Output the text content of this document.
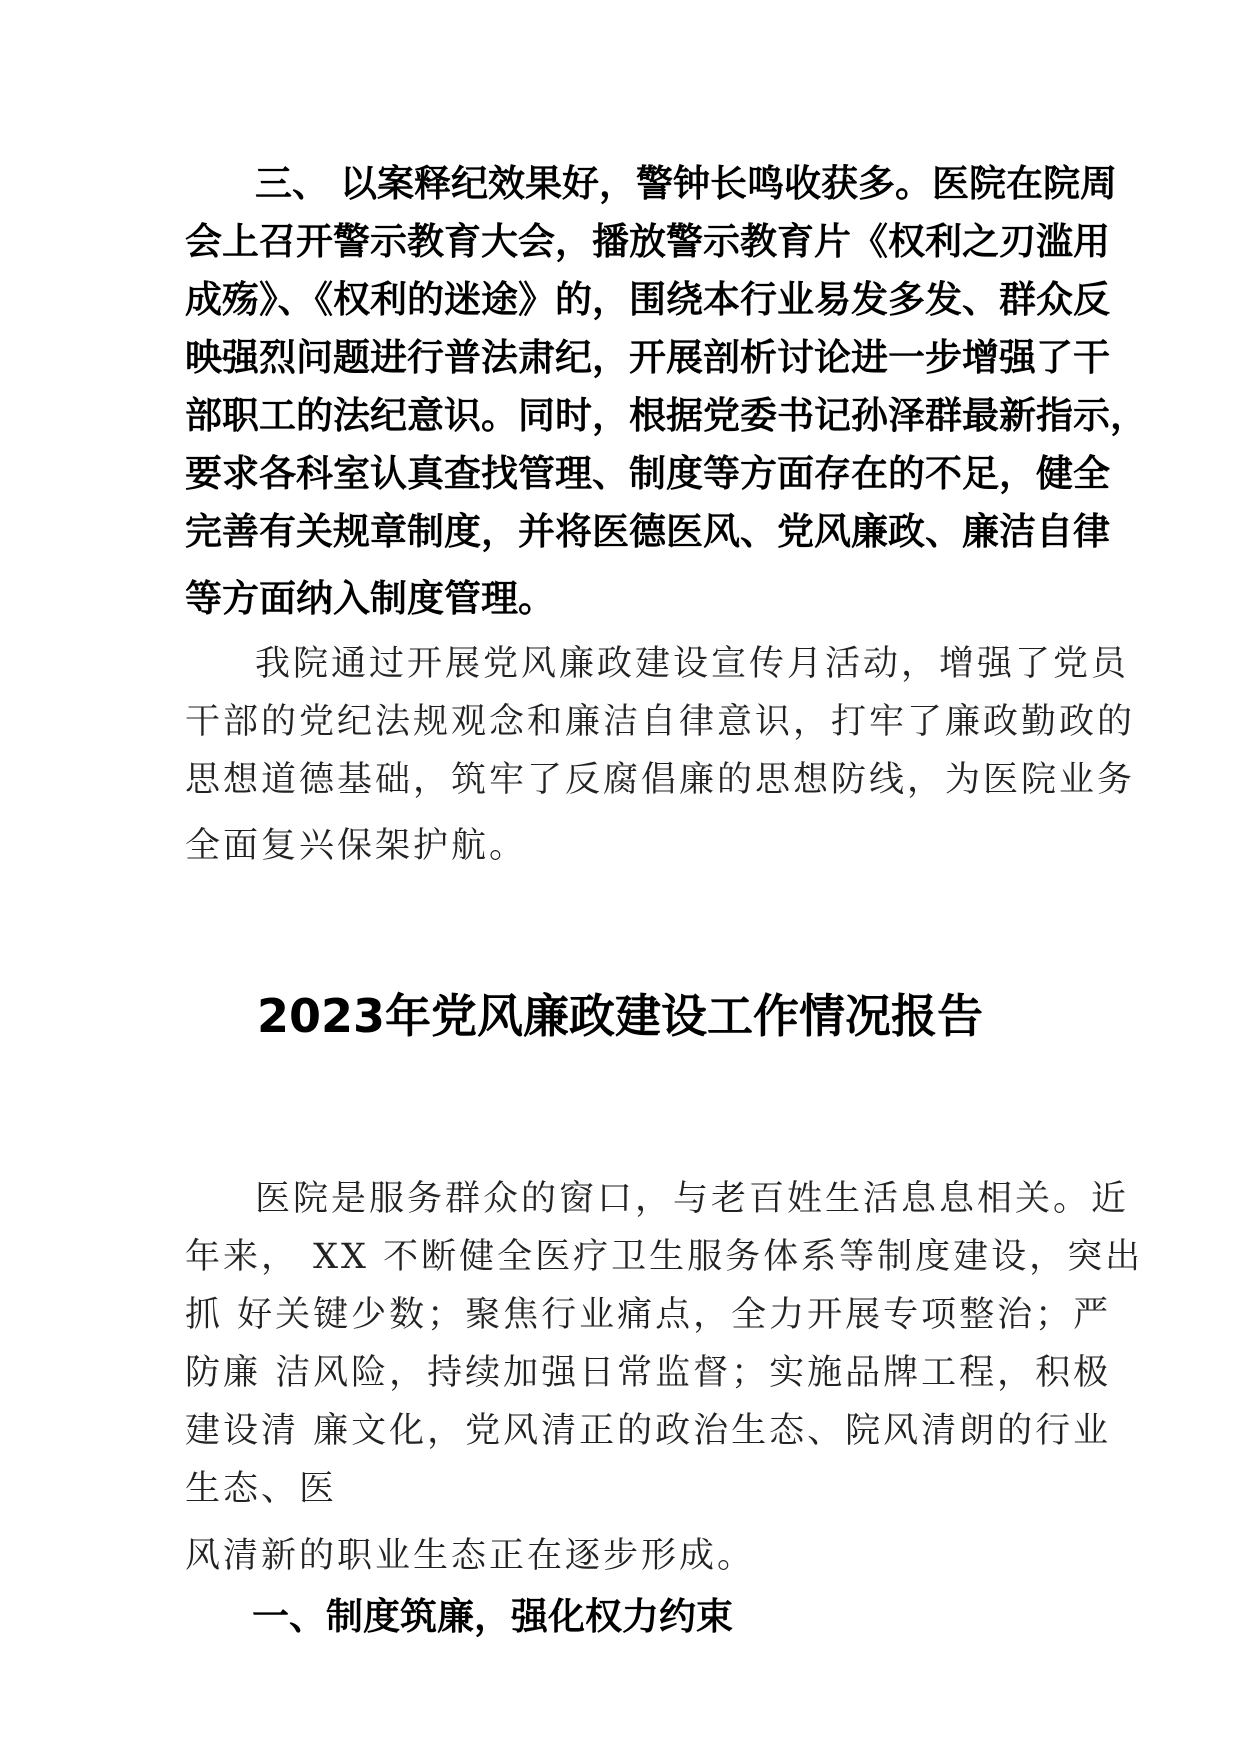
三、 以案释纪效果好，警钟长鸣收获多。医院在院周
会上召开警示教育大会，播放警示教育片《权利之刃滥用
成殇》、《权利的迷途》的，围绕本行业易发多发、群众反
映强烈问题进行普法肃纪，开展剖析讨论进一步增强了干
部职工的法纪意识。同时，根据党委书记孙泽群最新指示，
要求各科室认真查找管理、制度等方面存在的不足，健全
完善有关规章制度，并将医德医风、党风廉政、廉洁自律
等方面纳入制度管理。
我院通过开展党风廉政建设宣传月活动，增强了党员
干部的党纪法规观念和廉洁自律意识，打牢了廉政勤政的
思想道德基础，筑牢了反腐倡廉的思想防线，为医院业务
全面复兴保架护航。
2023年党风廉政建设工作情况报告
医院是服务群众的窗口，与老百姓生活息息相关。近
年来， XX 不断健全医疗卫生服务体系等制度建设，突出
抓 好关键少数；聚焦行业痛点，全力开展专项整治；严
防廉 洁风险，持续加强日常监督；实施品牌工程，积极
建设清 廉文化，党风清正的政治生态、院风清朗的行业
生态、医
风清新的职业生态正在逐步形成。
一、制度筑廉，强化权力约束
